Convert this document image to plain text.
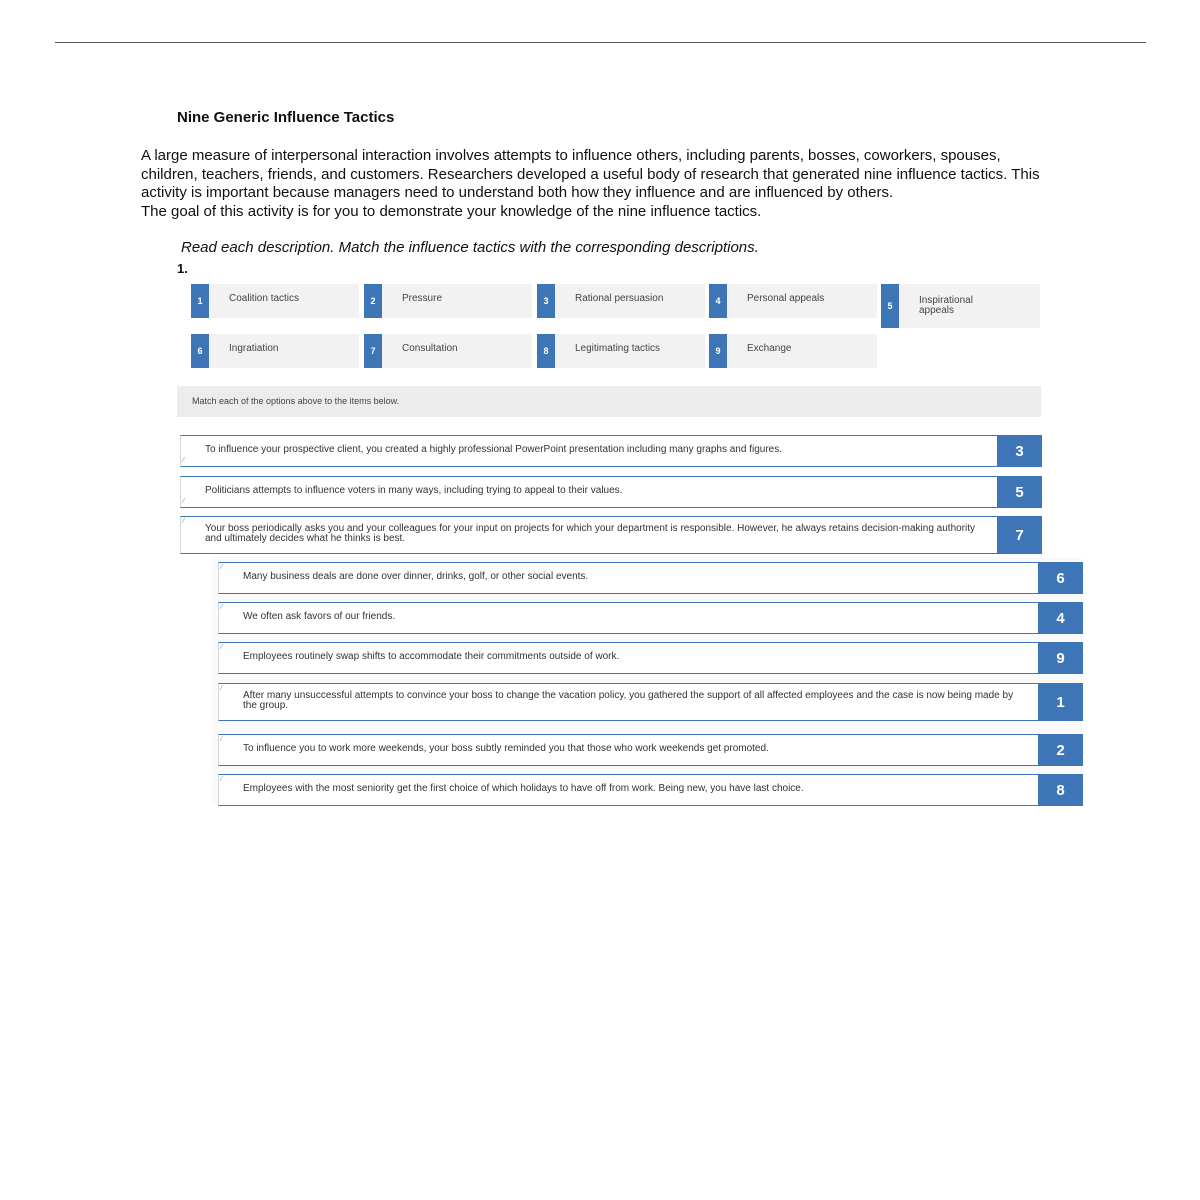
Nine Generic Influence Tactics
A large measure of interpersonal interaction involves attempts to influence others, including parents, bosses, coworkers, spouses, children, teachers, friends, and customers. Researchers developed a useful body of research that generated nine influence tactics. This activity is important because managers need to understand both how they influence and are influenced by others.
The goal of this activity is for you to demonstrate your knowledge of the nine influence tactics.
Read each description. Match the influence tactics with the corresponding descriptions.
1.
1	Coalition tactics	2	Pressure	3	Rational persuasion	4	Personal appeals
5	Inspirational appeals
6	Ingratiation	7	Consultation	8	Legitimating tactics	9	Exchange
Match each of the options above to the items below.
To influence your prospective client, you created a highly professional PowerPoint presentation including many graphs and figures.
⁄
3
Politicians attempts to influence voters in many ways, including trying to appeal to their values.
⁄
5
Your boss periodically asks you and your colleagues for your input on projects for which your department is responsible. However, he always retains decision-making authority and ultimately decides what he thinks is best.
⁄
7
Many business deals are done over dinner, drinks, golf, or other social events.
⁄
6
We often ask favors of our friends.
⁄
4
Employees routinely swap shifts to accommodate their commitments outside of work.
⁄
9
After many unsuccessful attempts to convince your boss to change the vacation policy, you gathered the support of all affected employees and the case is now being made by the group.
⁄
1
To influence you to work more weekends, your boss subtly reminded you that those who work weekends get promoted.
⁄
2
Employees with the most seniority get the first choice of which holidays to have off from work. Being new, you have last choice.
⁄
8
